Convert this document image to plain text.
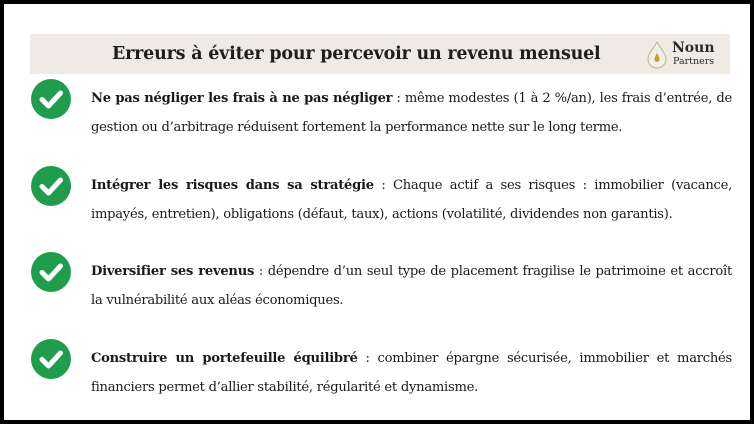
Erreurs à éviter pour percevoir un revenu mensuel	Noun
Partners
Ne pas négliger les frais à ne pas négliger : même modestes (1 à 2 %/an), les frais d’entrée, de gestion ou d’arbitrage réduisent fortement la performance nette sur le long terme.
Intégrer les risques dans sa stratégie : Chaque actif a ses risques : immobilier (vacance, impayés, entretien), obligations (défaut, taux), actions (volatilité, dividendes non garantis).
Diversifier ses revenus : dépendre d’un seul type de placement fragilise le patrimoine et accroît la vulnérabilité aux aléas économiques.
Construire un portefeuille équilibré : combiner épargne sécurisée, immobilier et marchés financiers permet d’allier stabilité, régularité et dynamisme.
